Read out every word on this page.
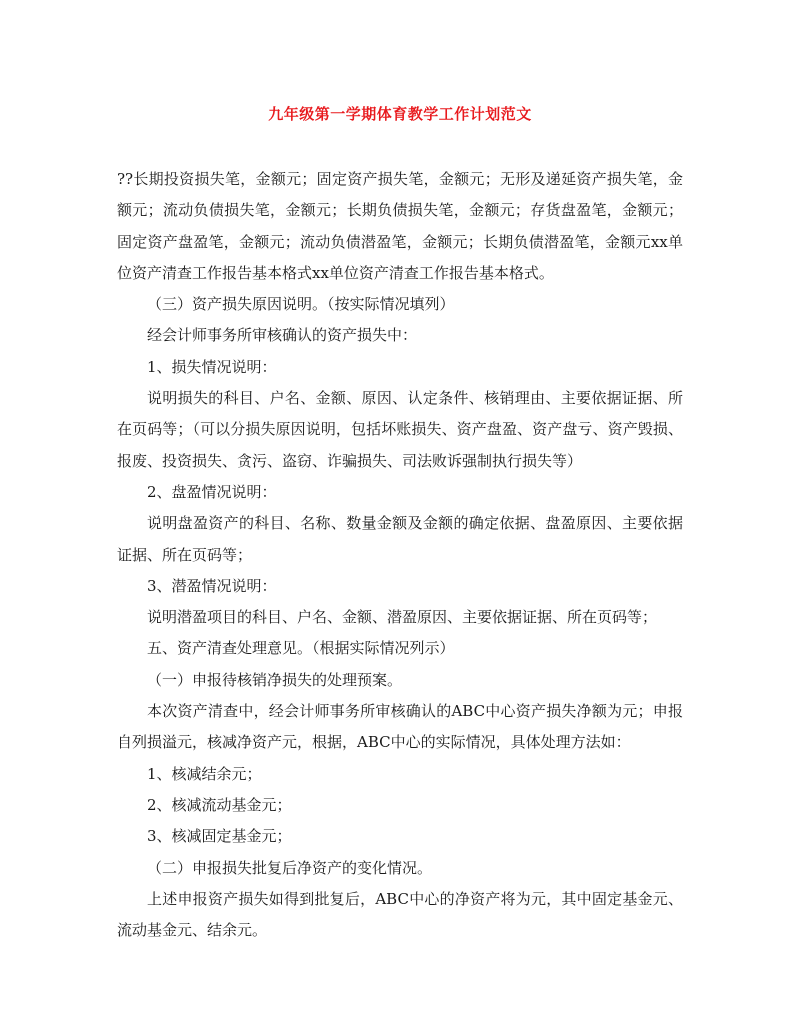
九年级第一学期体育教学工作计划范文

??长期投资损失笔，金额元；固定资产损失笔，金额元；无形及递延资产损失笔，金额元；流动负债损失笔，金额元；长期负债损失笔，金额元；存货盘盈笔，金额元；固定资产盘盈笔，金额元；流动负债潜盈笔，金额元；长期负债潜盈笔，金额元xx单位资产清查工作报告基本格式xx单位资产清查工作报告基本格式。

（三）资产损失原因说明。（按实际情况填列）

经会计师事务所审核确认的资产损失中：

1、损失情况说明：

说明损失的科目、户名、金额、原因、认定条件、核销理由、主要依据证据、所在页码等；（可以分损失原因说明，包括坏账损失、资产盘盈、资产盘亏、资产毁损、报废、投资损失、贪污、盗窃、诈骗损失、司法败诉强制执行损失等）

2、盘盈情况说明：

说明盘盈资产的科目、名称、数量金额及金额的确定依据、盘盈原因、主要依据证据、所在页码等；

3、潜盈情况说明：

说明潜盈项目的科目、户名、金额、潜盈原因、主要依据证据、所在页码等；

五、资产清查处理意见。（根据实际情况列示）

（一）申报待核销净损失的处理预案。

本次资产清查中，经会计师事务所审核确认的ABC中心资产损失净额为元；申报自列损溢元，核减净资产元，根据，ABC中心的实际情况，具体处理方法如：

1、核减结余元；

2、核减流动基金元；

3、核减固定基金元；

（二）申报损失批复后净资产的变化情况。

上述申报资产损失如得到批复后，ABC中心的净资产将为元，其中固定基金元、流动基金元、结余元。
